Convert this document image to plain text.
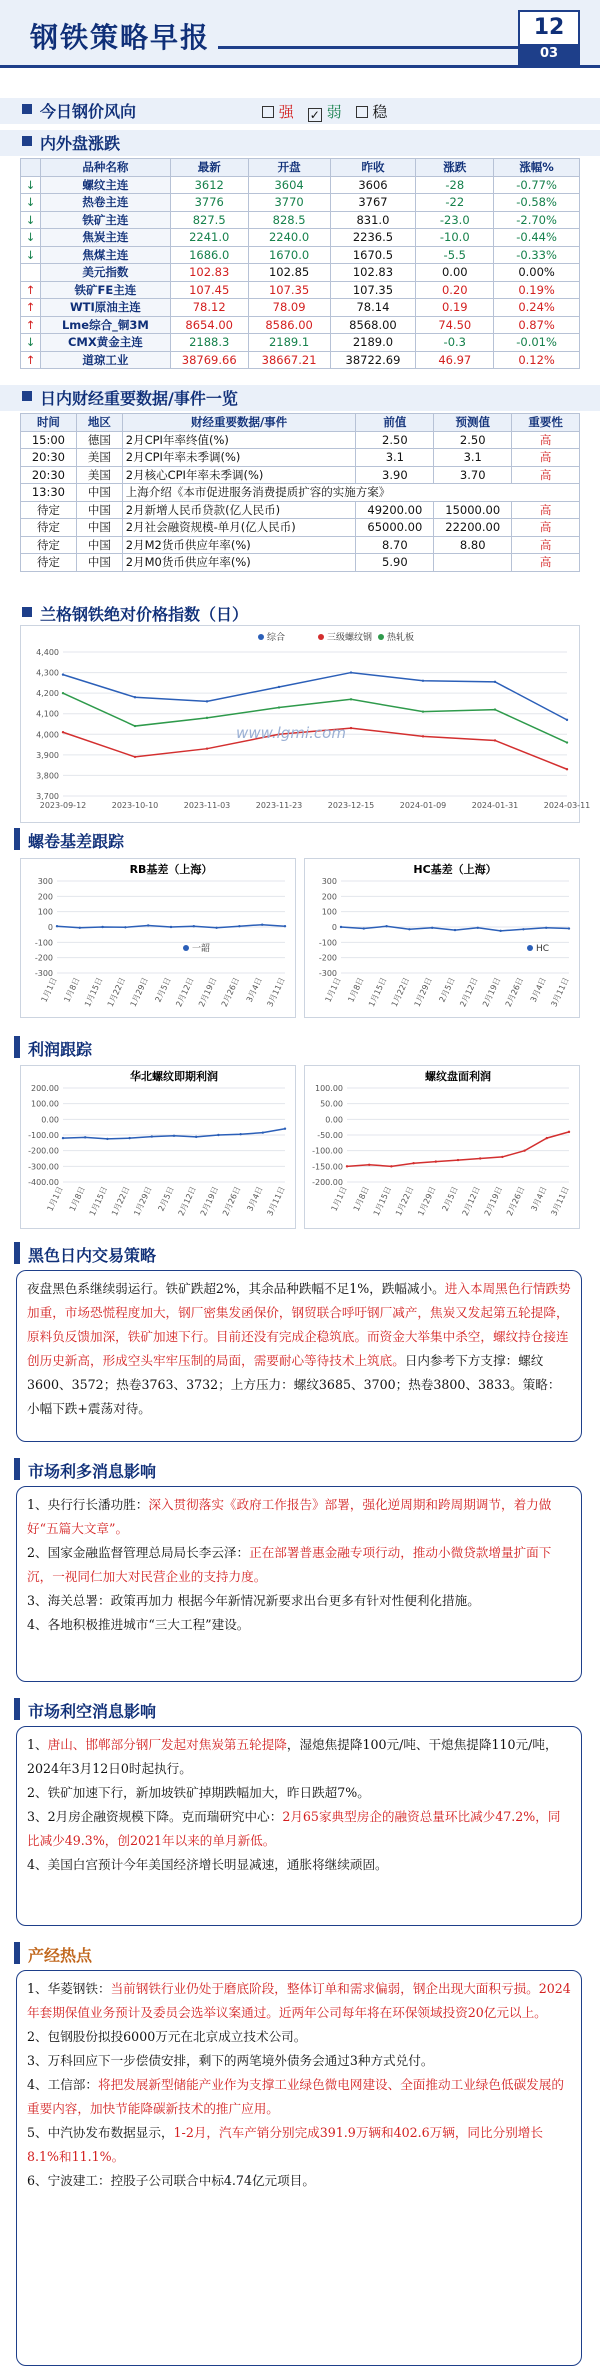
钢铁策略早报	12
03
今日钢价风向	强 ✓ 弱	稳
内外盘涨跌
	品种名称	最新	开盘	昨收	涨跌	涨幅%
↓	螺纹主连	3612	3604	3606	-28	-0.77%
↓	热卷主连	3776	3770	3767	-22	-0.58%
↓	铁矿主连	827.5	828.5	831.0	-23.0	-2.70%
↓	焦炭主连	2241.0	2240.0	2236.5	-10.0	-0.44%
↓	焦煤主连	1686.0	1670.0	1670.5	-5.5	-0.33%
	美元指数	102.83	102.85	102.83	0.00	0.00%
↑	铁矿FE主连	107.45	107.35	107.35	0.20	0.19%
↑	WTI原油主连	78.12	78.09	78.14	0.19	0.24%
↑	Lme综合_铜3M	8654.00	8586.00	8568.00	74.50	0.87%
↓	CMX黄金主连	2188.3	2189.1	2189.0	-0.3	-0.01%
↑	道琼工业	38769.66	38667.21	38722.69	46.97	0.12%
日内财经重要数据/事件一览
时间	地区	财经重要数据/事件	前值	预测值	重要性
15:00	德国	2月CPI年率终值(%)	2.50	2.50	高
20:30	美国	2月CPI年率未季调(%)	3.1	3.1	高
20:30	美国	2月核心CPI年率未季调(%)	3.90	3.70	高
13:30	中国	上海介绍《本市促进服务消费提质扩容的实施方案》			
待定	中国	2月新增人民币贷款(亿人民币)	49200.00	15000.00	高
待定	中国	2月社会融资规模-单月(亿人民币)	65000.00	22200.00	高
待定	中国	2月M2货币供应年率(%)	8.70	8.80	高
待定	中国	2月M0货币供应年率(%)	5.90		高
兰格钢铁绝对价格指数（日）
3,700
3,800
3,900
4,000
4,100
4,200
4,300
4,400
2023-09-12	2023-10-10	2023-11-03	2023-11-23	2023-12-15	2024-01-09	2024-01-31	2024-03-11
综合	三级螺纹钢 热轧板
www.lgmi.com
螺卷基差跟踪
RB基差（上海）
300
200
100
0
-100
-200
-300
1月1日 1月8日 1月15日 1月22日 1月29日 2月5日 2月12日 2月19日 2月26日 3月4日 3月11日
一韶
HC基差（上海）
300
200
100
0
-100
-200
-300
1月1日 1月8日 1月15日 1月22日 1月29日 2月5日 2月12日 2月19日 2月26日 3月4日 3月11日
HC
利润跟踪
华北螺纹即期利润
200.00
100.00
0.00
-100.00
-200.00
-300.00
-400.00
1月1日 1月8日 1月15日 1月22日 1月29日 2月5日 2月12日 2月19日 2月26日 3月4日 3月11日
螺纹盘面利润
100.00
50.00
0.00
-50.00
-100.00
-150.00
-200.00
1月1日 1月8日 1月15日 1月22日 1月29日 2月5日 2月12日 2月19日 2月26日 3月4日 3月11日
黑色日内交易策略
夜盘黑色系继续弱运行。铁矿跌超2%，其余品种跌幅不足1%，跌幅减小。进入本周黑色行情跌势加重，市场恐慌程度加大，钢厂密集发函保价，钢贸联合呼吁钢厂减产，焦炭又发起第五轮提降，原料负反馈加深，铁矿加速下行。目前还没有完成企稳筑底。而资金大举集中杀空，螺纹持仓接连创历史新高，形成空头牢牢压制的局面，需要耐心等待技术上筑底。日内参考下方支撑：螺纹3600、3572；热卷3763、3732；上方压力：螺纹3685、3700；热卷3800、3833。策略：小幅下跌+震荡对待。
市场利多消息影响
1、央行行长潘功胜：深入贯彻落实《政府工作报告》部署，强化逆周期和跨周期调节，着力做好“五篇大文章”。
2、国家金融监督管理总局局长李云泽：正在部署普惠金融专项行动，推动小微贷款增量扩面下沉，一视同仁加大对民营企业的支持力度。
3、海关总署：政策再加力 根据今年新情况新要求出台更多有针对性便利化措施。
4、各地积极推进城市“三大工程”建设。
市场利空消息影响
1、唐山、邯郸部分钢厂发起对焦炭第五轮提降，湿熄焦提降100元/吨、干熄焦提降110元/吨，2024年3月12日0时起执行。
2、铁矿加速下行，新加坡铁矿掉期跌幅加大，昨日跌超7%。
3、2月房企融资规模下降。克而瑞研究中心：2月65家典型房企的融资总量环比减少47.2%，同比减少49.3%，创2021年以来的单月新低。
4、美国白宫预计今年美国经济增长明显减速，通胀将继续顽固。
产经热点
1、华菱钢铁：当前钢铁行业仍处于磨底阶段，整体订单和需求偏弱，钢企出现大面积亏损。2024 年套期保值业务预计及委员会选举议案通过。近两年公司每年将在环保领域投资20亿元以上。
2、包钢股份拟投6000万元在北京成立技术公司。
3、万科回应下一步偿债安排，剩下的两笔境外债务会通过3种方式兑付。
4、工信部：将把发展新型储能产业作为支撑工业绿色微电网建设、全面推动工业绿色低碳发展的重要内容，加快节能降碳新技术的推广应用。
5、中汽协发布数据显示，1-2月，汽车产销分别完成391.9万辆和402.6万辆，同比分别增长8.1%和11.1%。
6、宁波建工：控股子公司联合中标4.74亿元项目。
